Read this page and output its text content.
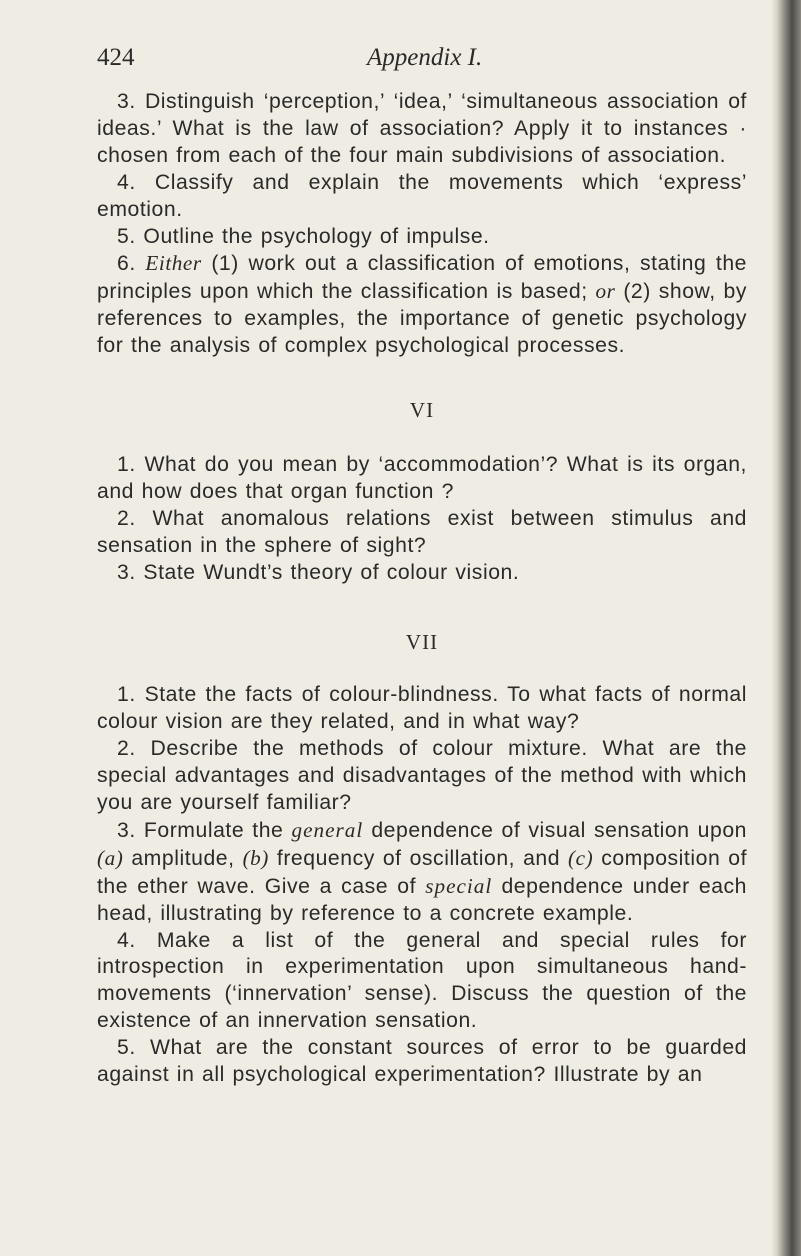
424	Appendix I.

3. Distinguish ‘perception,’ ‘idea,’ ‘simultaneous association of ideas.’ What is the law of association? Apply it to instances · chosen from each of the four main subdivisions of association.

4. Classify and explain the movements which ‘express’ emotion.

5. Outline the psychology of impulse.

6. Either (1) work out a classification of emotions, stating the principles upon which the classification is based; or (2) show, by references to examples, the importance of genetic psychology for the analysis of complex psychological processes.

VI

1. What do you mean by ‘accommodation’? What is its organ, and how does that organ function ?

2. What anomalous relations exist between stimulus and sensation in the sphere of sight?

3. State Wundt’s theory of colour vision.

VII

1. State the facts of colour-blindness. To what facts of normal colour vision are they related, and in what way?

2. Describe the methods of colour mixture. What are the special advantages and disadvantages of the method with which you are yourself familiar?

3. Formulate the general dependence of visual sensation upon (a) amplitude, (b) frequency of oscillation, and (c) composition of the ether wave. Give a case of special dependence under each head, illustrating by reference to a concrete example.

4. Make a list of the general and special rules for introspection in experimentation upon simultaneous hand-movements (‘innervation’ sense). Discuss the question of the existence of an innervation sensation.

5. What are the constant sources of error to be guarded against in all psychological experimentation? Illustrate by an
